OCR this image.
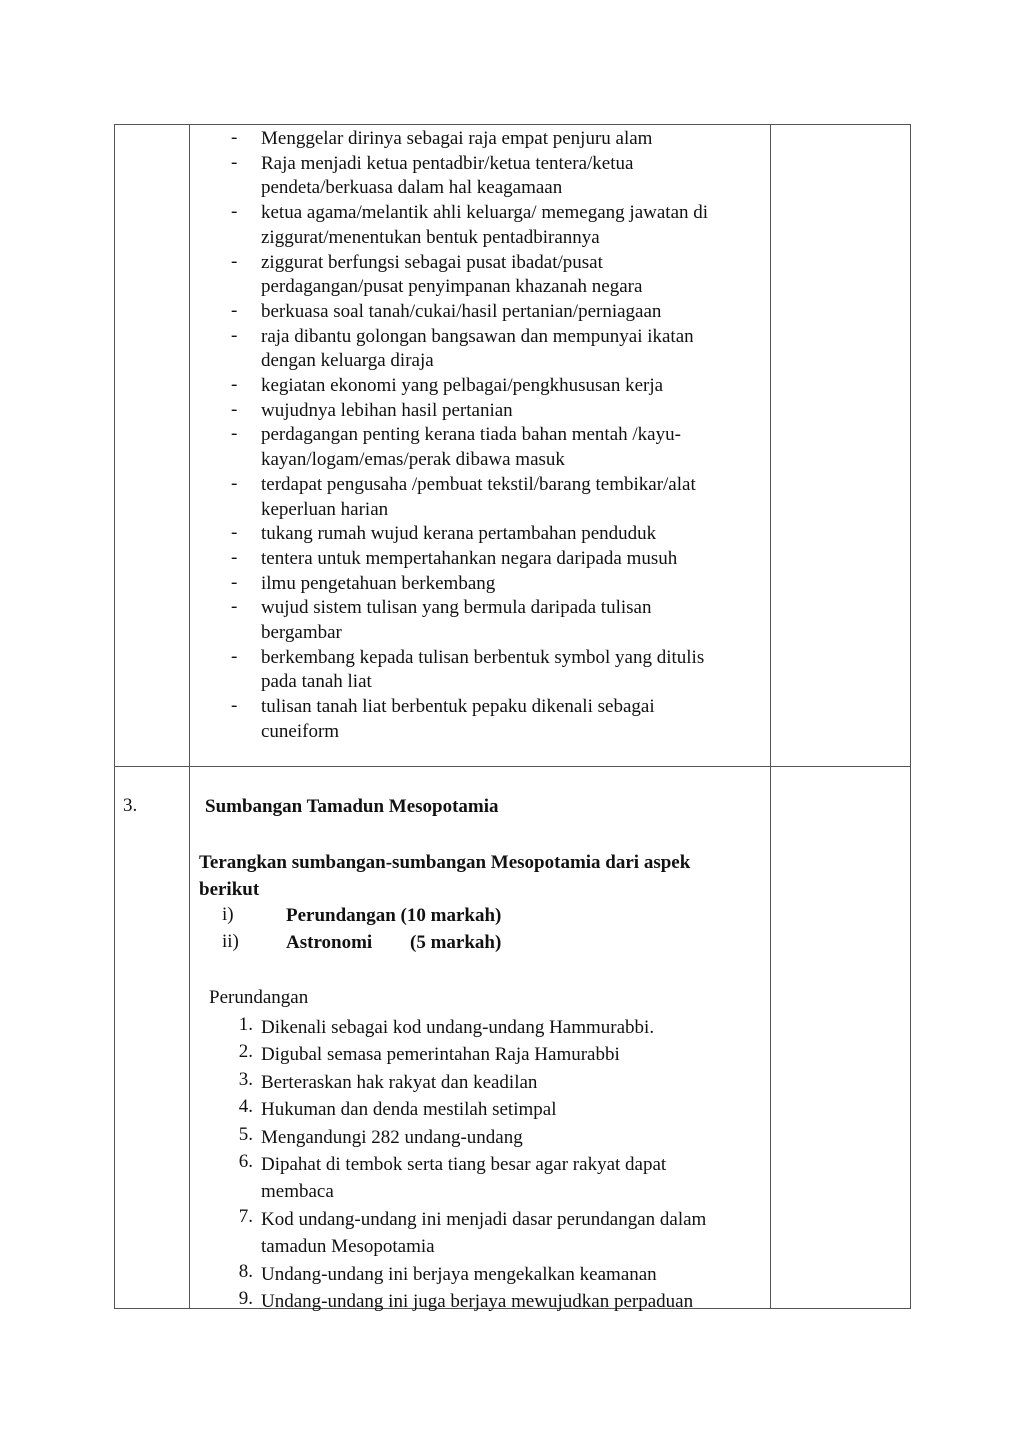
- Menggelar dirinya sebagai raja empat penjuru alam
- Raja menjadi ketua pentadbir/ketua tentera/ketua
pendeta/berkuasa dalam hal keagamaan
- ketua agama/melantik ahli keluarga/ memegang jawatan di
ziggurat/menentukan bentuk pentadbirannya
- ziggurat berfungsi sebagai pusat ibadat/pusat
perdagangan/pusat penyimpanan khazanah negara
- berkuasa soal tanah/cukai/hasil pertanian/perniagaan
- raja dibantu golongan bangsawan dan mempunyai ikatan
dengan keluarga diraja
- kegiatan ekonomi yang pelbagai/pengkhususan kerja
- wujudnya lebihan hasil pertanian
- perdagangan penting kerana tiada bahan mentah /kayu-
kayan/logam/emas/perak dibawa masuk
- terdapat pengusaha /pembuat tekstil/barang tembikar/alat
keperluan harian
- tukang rumah wujud kerana pertambahan penduduk
- tentera untuk mempertahankan negara daripada musuh
- ilmu pengetahuan berkembang
- wujud sistem tulisan yang bermula daripada tulisan
bergambar
- berkembang kepada tulisan berbentuk symbol yang ditulis
pada tanah liat
- tulisan tanah liat berbentuk pepaku dikenali sebagai
cuneiform
3.	Sumbangan Tamadun Mesopotamia
Terangkan sumbangan-sumbangan Mesopotamia dari aspek
berikut
i)	Perundangan (10 markah)
ii) Astronomi (5 markah)
Perundangan
1. Dikenali sebagai kod undang-undang Hammurabbi.
2. Digubal semasa pemerintahan Raja Hamurabbi
3. Berteraskan hak rakyat dan keadilan
4. Hukuman dan denda mestilah setimpal
5. Mengandungi 282 undang-undang
6. Dipahat di tembok serta tiang besar agar rakyat dapat
membaca
7. Kod undang-undang ini menjadi dasar perundangan dalam
tamadun Mesopotamia
8. Undang-undang ini berjaya mengekalkan keamanan
9. Undang-undang ini juga berjaya mewujudkan perpaduan
